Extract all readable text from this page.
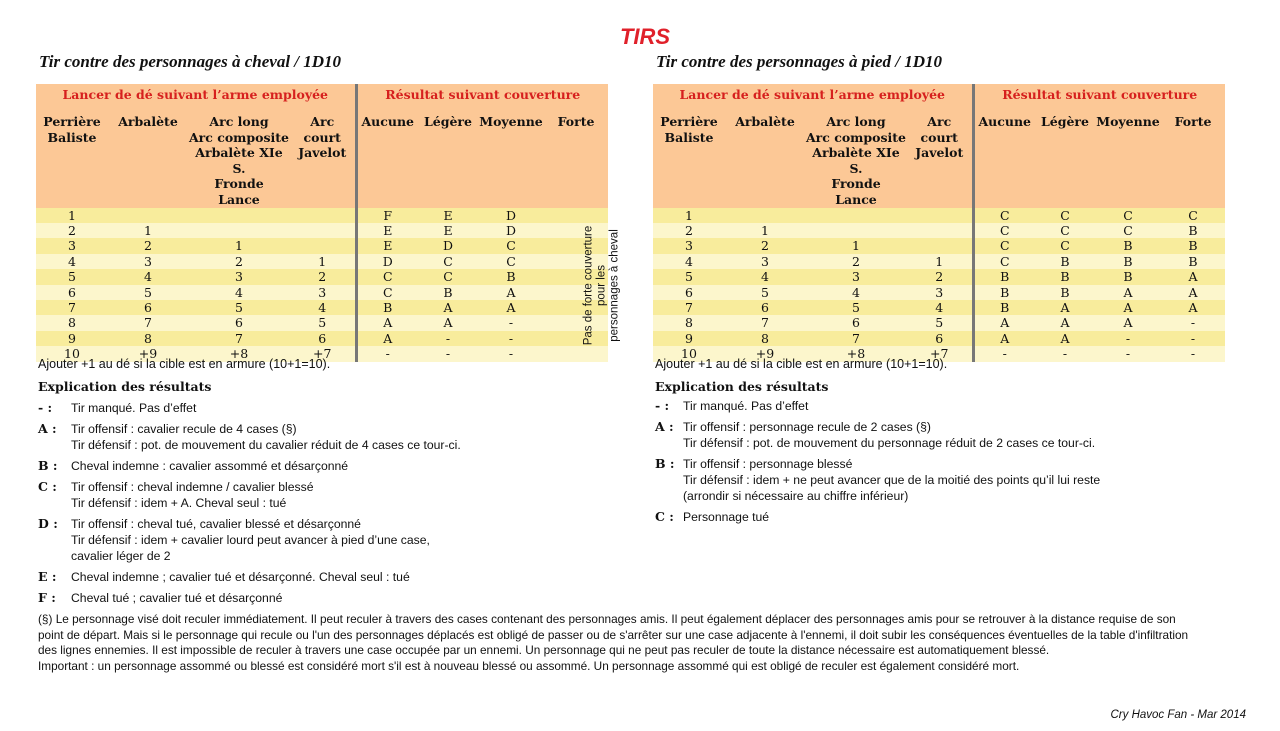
TIRS
Tir contre des personnages à cheval / 1D10
Lancer de dé suivant l’arme employée				Résultat suivant couverture			
Perrière
Baliste	Arbalète	Arc long
Arc composite
Arbalète XIe S.
Fronde
Lance	Arc court
Javelot	Aucune	Légère	Moyenne	Forte
1				F	E	D	
2	1			E	E	D	
3	2	1		E	D	C	
4	3	2	1	D	C	C	
5	4	3	2	C	C	B	
6	5	4	3	C	B	A	
7	6	5	4	B	A	A	
8	7	6	5	A	A	-	
9	8	7	6	A	-	-	
10	+9	+8	+7	-	-	-	
Ajouter +1 au dé si la cible est en armure (10+1=10).
Explication des résultats
- : Tir manqué. Pas d’effet
A : Tir offensif : cavalier recule de 4 cases (§)
Tir défensif : pot. de mouvement du cavalier réduit de 4 cases ce tour-ci.
B : Cheval indemne : cavalier assommé et désarçonné
C : Tir offensif : cheval indemne / cavalier blessé
Tir défensif : idem + A. Cheval seul : tué
D : Tir offensif : cheval tué, cavalier blessé et désarçonné
Tir défensif : idem + cavalier lourd peut avancer à pied d’une case,
cavalier léger de 2
E : Cheval indemne ; cavalier tué et désarçonné. Cheval seul : tué
F : Cheval tué ; cavalier tué et désarçonné
Pas de forte couverture
pour les
personnages à cheval
Tir contre des personnages à pied / 1D10
Lancer de dé suivant l’arme employée				Résultat suivant couverture			
Perrière
Baliste	Arbalète	Arc long
Arc composite
Arbalète XIe S.
Fronde
Lance	Arc court
Javelot	Aucune	Légère	Moyenne	Forte
1				C	C	C	C
2	1			C	C	C	B
3	2	1		C	C	B	B
4	3	2	1	C	B	B	B
5	4	3	2	B	B	B	A
6	5	4	3	B	B	A	A
7	6	5	4	B	A	A	A
8	7	6	5	A	A	A	-
9	8	7	6	A	A	-	-
10	+9	+8	+7	-	-	-	-
Ajouter +1 au dé si la cible est en armure (10+1=10).
Explication des résultats
- : Tir manqué. Pas d’effet
A : Tir offensif : personnage recule de 2 cases (§)
Tir défensif : pot. de mouvement du personnage réduit de 2 cases ce tour-ci.
B : Tir offensif : personnage blessé
Tir défensif : idem + ne peut avancer que de la moitié des points qu’il lui reste
(arrondir si nécessaire au chiffre inférieur)
C : Personnage tué
(§) Le personnage visé doit reculer immédiatement. Il peut reculer à travers des cases contenant des personnages amis. Il peut également déplacer des personnages amis pour se retrouver à la distance requise de son
point de départ. Mais si le personnage qui recule ou l'un des personnages déplacés est obligé de passer ou de s'arrêter sur une case adjacente à l'ennemi, il doit subir les conséquences éventuelles de la table d'infiltration
des lignes ennemies. Il est impossible de reculer à travers une case occupée par un ennemi. Un personnage qui ne peut pas reculer de toute la distance nécessaire est automatiquement blessé.
Important : un personnage assommé ou blessé est considéré mort s'il est à nouveau blessé ou assommé. Un personnage assommé qui est obligé de reculer est également considéré mort.
Cry Havoc Fan - Mar 2014
